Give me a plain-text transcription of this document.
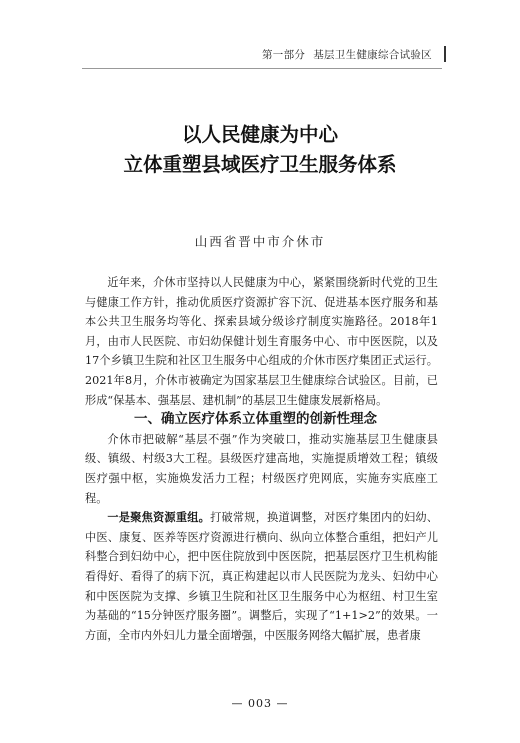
第一部分 基层卫生健康综合试验区
以人民健康为中心
立体重塑县域医疗卫生服务体系
山西省晋中市介休市

近年来，介休市坚持以人民健康为中心，紧紧围绕新时代党的卫生与健康工作方针，推动优质医疗资源扩容下沉、促进基本医疗服务和基本公共卫生服务均等化、探索县域分级诊疗制度实施路径。2018年1月，由市人民医院、市妇幼保健计划生育服务中心、市中医医院，以及17个乡镇卫生院和社区卫生服务中心组成的介休市医疗集团正式运行。2021年8月，介休市被确定为国家基层卫生健康综合试验区。目前，已形成“保基本、强基层、建机制”的基层卫生健康发展新格局。

一、确立医疗体系立体重塑的创新性理念

介休市把破解“基层不强”作为突破口，推动实施基层卫生健康县级、镇级、村级3大工程。县级医疗建高地，实施提质增效工程；镇级医疗强中枢，实施焕发活力工程；村级医疗兜网底，实施夯实底座工程。

一是聚焦资源重组。打破常规，换道调整，对医疗集团内的妇幼、中医、康复、医养等医疗资源进行横向、纵向立体整合重组，把妇产儿科整合到妇幼中心，把中医住院放到中医医院，把基层医疗卫生机构能看得好、看得了的病下沉，真正构建起以市人民医院为龙头、妇幼中心和中医医院为支撑、乡镇卫生院和社区卫生服务中心为枢纽、村卫生室为基础的“15分钟医疗服务圈”。调整后，实现了“1+1>2”的效果。一方面，全市内外妇儿力量全面增强，中医服务网络大幅扩展，患者康

— 003 —
